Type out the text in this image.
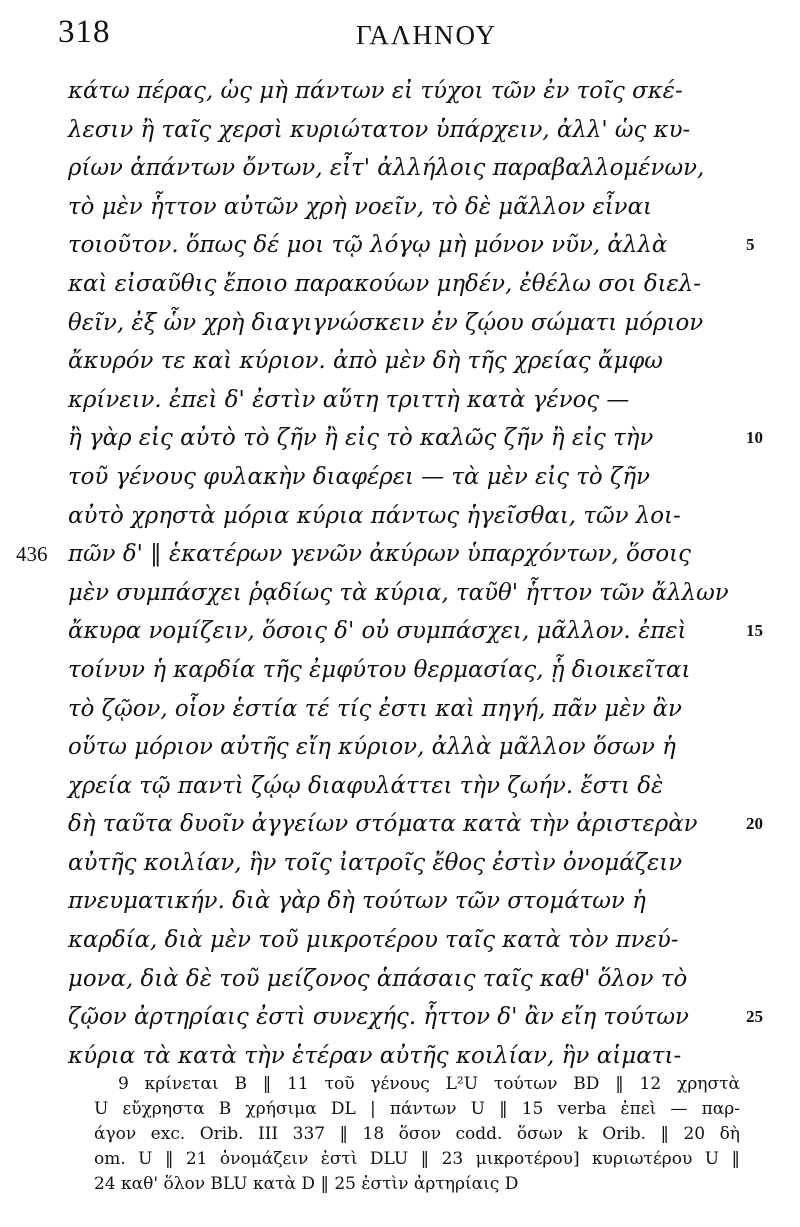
318	ΓΑΛΗΝΟΥ
κάτω πέρας, ὡς μὴ πάντων εἰ τύχοι τῶν ἐν τοῖς σκέ-
λεσιν ἢ ταῖς χερσὶ κυριώτατον ὑπάρχειν, ἀλλ' ὡς κυ-
ρίων ἁπάντων ὄντων, εἶτ' ἀλλήλοις παραβαλλομένων,
τὸ μὲν ἧττον αὐτῶν χρὴ νοεῖν, τὸ δὲ μᾶλλον εἶναι
τοιοῦτον. ὅπως δέ μοι τῷ λόγῳ μὴ μόνον νῦν, ἀλλὰ	5
καὶ εἰσαῦθις ἔποιο παρακούων μηδέν, ἐθέλω σοι διελ-
θεῖν, ἐξ ὧν χρὴ διαγιγνώσκειν ἐν ζῴου σώματι μόριον
ἄκυρόν τε καὶ κύριον. ἀπὸ μὲν δὴ τῆς χρείας ἄμφω
κρίνειν. ἐπεὶ δ' ἐστὶν αὕτη τριττὴ κατὰ γένος —
ἢ γὰρ εἰς αὐτὸ τὸ ζῆν ἢ εἰς τὸ καλῶς ζῆν ἢ εἰς τὴν	10
τοῦ γένους φυλακὴν διαφέρει — τὰ μὲν εἰς τὸ ζῆν
αὐτὸ χρηστὰ μόρια κύρια πάντως ἡγεῖσθαι, τῶν λοι-
436 πῶν δ' ‖ ἑκατέρων γενῶν ἀκύρων ὑπαρχόντων, ὅσοις
μὲν συμπάσχει ῥᾳδίως τὰ κύρια, ταῦθ' ἧττον τῶν ἄλλων
ἄκυρα νομίζειν, ὅσοις δ' οὐ συμπάσχει, μᾶλλον. ἐπεὶ	15
τοίνυν ἡ καρδία τῆς ἐμφύτου θερμασίας, ᾗ διοικεῖται
τὸ ζῷον, οἷον ἑστία τέ τίς ἐστι καὶ πηγή, πᾶν μὲν ἂν
οὕτω μόριον αὐτῆς εἴη κύριον, ἀλλὰ μᾶλλον ὅσων ἡ
χρεία τῷ παντὶ ζῴῳ διαφυλάττει τὴν ζωήν. ἔστι δὲ
δὴ ταῦτα δυοῖν ἀγγείων στόματα κατὰ τὴν ἀριστερὰν	20
αὐτῆς κοιλίαν, ἣν τοῖς ἰατροῖς ἔθος ἐστὶν ὀνομάζειν
πνευματικήν. διὰ γὰρ δὴ τούτων τῶν στομάτων ἡ
καρδία, διὰ μὲν τοῦ μικροτέρου ταῖς κατὰ τὸν πνεύ-
μονα, διὰ δὲ τοῦ μείζονος ἁπάσαις ταῖς καθ' ὅλον τὸ
ζῷον ἀρτηρίαις ἐστὶ συνεχής. ἧττον δ' ἂν εἴη τούτων	25
κύρια τὰ κατὰ τὴν ἑτέραν αὐτῆς κοιλίαν, ἣν αἱματι-
9 κρίνεται B ‖ 11 τοῦ γένους L²U τούτων BD ‖ 12 χρηστὰ
U εὔχρηστα B χρήσιμα DL | πάντων U ‖ 15 verba ἐπεὶ — παρ-
άγον exc. Orib. III 337 ‖ 18 ὅσον codd. ὅσων k Orib. ‖ 20 δὴ
om. U ‖ 21 ὀνομάζειν ἐστὶ DLU ‖ 23 μικροτέρου] κυριωτέρου U ‖
24 καθ' ὅλον BLU κατὰ D ‖ 25 ἐστὶν ἀρτηρίαις D
